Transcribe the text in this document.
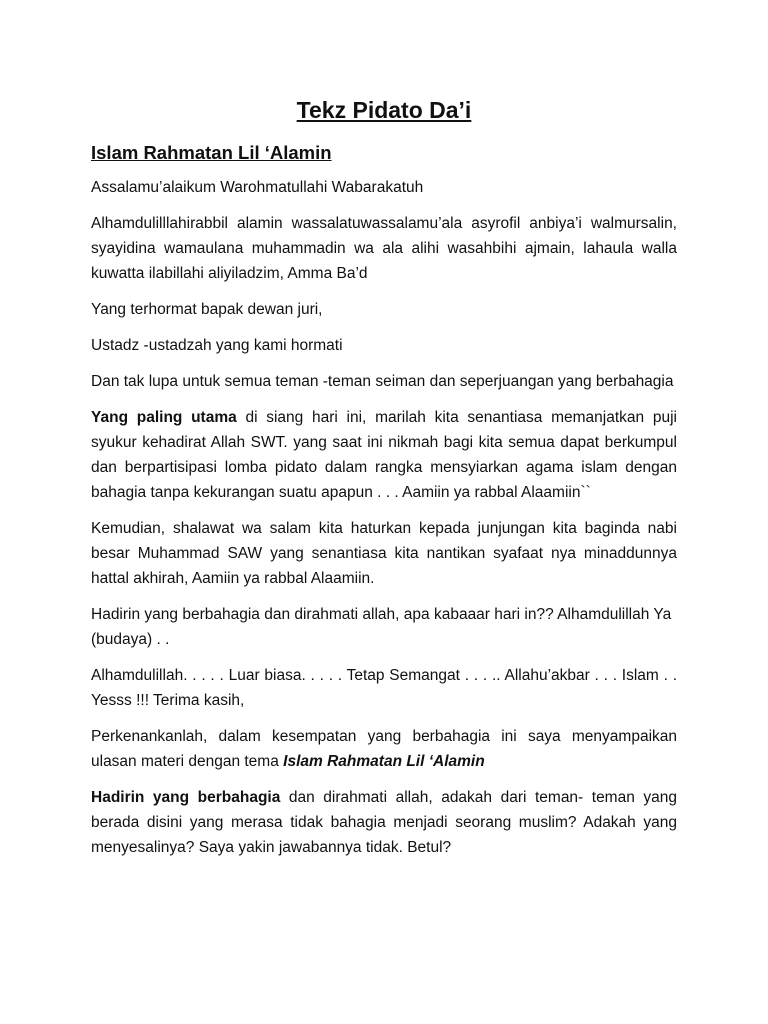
Tekz Pidato Da’i
Islam Rahmatan Lil ‘Alamin

Assalamu’alaikum Warohmatullahi Wabarakatuh

Alhamdulilllahirabbil alamin wassalatuwassalamu’ala asyrofil anbiya’i walmursalin, syayidina wamaulana muhammadin wa ala alihi wasahbihi ajmain, lahaula walla kuwatta ilabillahi aliyiladzim, Amma Ba’d

Yang terhormat bapak dewan juri,

Ustadz -ustadzah yang kami hormati

Dan tak lupa untuk semua teman -teman seiman dan seperjuangan yang berbahagia

Yang paling utama di siang hari ini, marilah kita senantiasa memanjatkan puji syukur kehadirat Allah SWT. yang saat ini nikmah bagi kita semua dapat berkumpul dan berpartisipasi lomba pidato dalam rangka mensyiarkan agama islam dengan bahagia tanpa kekurangan suatu apapun . . . Aamiin ya rabbal Alaamiin``

Kemudian, shalawat wa salam kita haturkan kepada junjungan kita baginda nabi besar Muhammad SAW yang senantiasa kita nantikan syafaat nya minaddunnya hattal akhirah, Aamiin ya rabbal Alaamiin.

Hadirin yang berbahagia dan dirahmati allah, apa kabaaar hari in?? Alhamdulillah Ya (budaya) . .

Alhamdulillah. . . . . Luar biasa. . . . . Tetap Semangat . . . .. Allahu’akbar . . . Islam . . Yesss !!! Terima kasih,

Perkenankanlah, dalam kesempatan yang berbahagia ini saya menyampaikan ulasan materi dengan tema Islam Rahmatan Lil ‘Alamin

Hadirin yang berbahagia dan dirahmati allah, adakah dari teman- teman yang berada disini yang merasa tidak bahagia menjadi seorang muslim? Adakah yang menyesalinya? Saya yakin jawabannya tidak. Betul?
